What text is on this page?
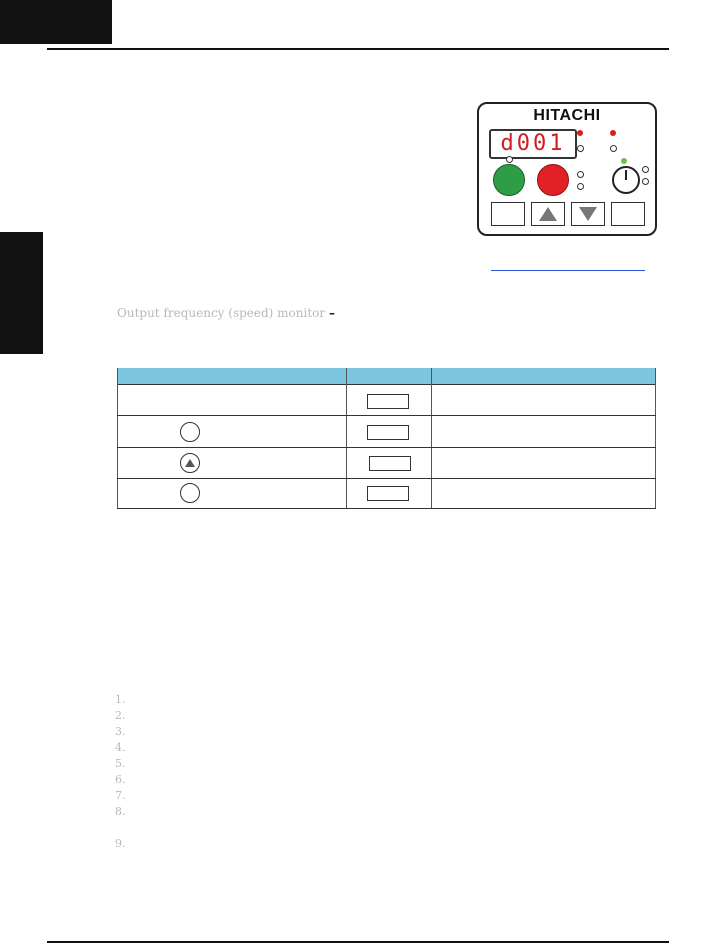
HITACHI
d001
Output frequency (speed) monitor –
1.
2.
3.
4.
5.
6.
7.
8.
9.
